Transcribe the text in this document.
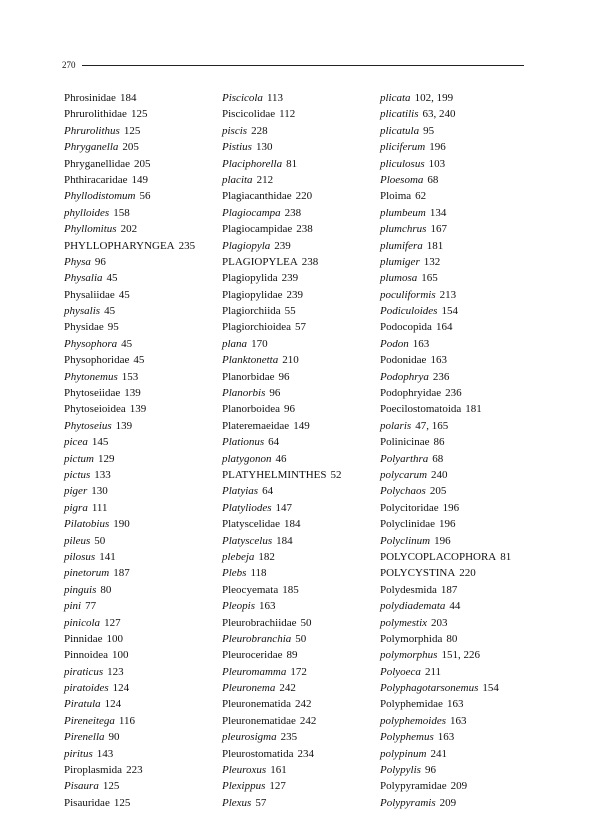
270
Phrosinidae 184
Phrurolithidae 125
Phrurolithus 125
Phryganella 205
Phryganellidae 205
Phthiracaridae 149
Phyllodistomum 56
phylloides 158
Phyllomitus 202
PHYLLOPHARYNGEA 235
Physa 96
Physalia 45
Physaliidae 45
physalis 45
Physidae 95
Physophora 45
Physophoridae 45
Phytonemus 153
Phytoseiidae 139
Phytoseioidea 139
Phytoseius 139
picea 145
pictum 129
pictus 133
piger 130
pigra 111
Pilatobius 190
pileus 50
pilosus 141
pinetorum 187
pinguis 80
pini 77
pinicola 127
Pinnidae 100
Pinnoidea 100
piraticus 123
piratoides 124
Piratula 124
Pireneitega 116
Pirenella 90
piritus 143
Piroplasmida 223
Pisaura 125
Pisauridae 125
Piscicola 113
Piscicolidae 112
piscis 228
Pistius 130
Placiphorella 81
placita 212
Plagiacanthidae 220
Plagiocampa 238
Plagiocampidae 238
Plagiopyla 239
PLAGIOPYLEA 238
Plagiopylida 239
Plagiopylidae 239
Plagiorchiida 55
Plagiorchioidea 57
plana 170
Planktonetta 210
Planorbidae 96
Planorbis 96
Planorboidea 96
Plateremaeidae 149
Plationus 64
platygonon 46
PLATYHELMINTHES 52
Platyias 64
Platyliodes 147
Platyscelidae 184
Platyscelus 184
plebeja 182
Plebs 118
Pleocyemata 185
Pleopis 163
Pleurobrachiidae 50
Pleurobranchia 50
Pleuroceridae 89
Pleuromamma 172
Pleuronema 242
Pleuronematida 242
Pleuronematidae 242
pleurosigma 235
Pleurostomatida 234
Pleuroxus 161
Plexippus 127
Plexus 57
plicata 102, 199
plicatilis 63, 240
plicatula 95
pliciferum 196
pliculosus 103
Ploesoma 68
Ploima 62
plumbeum 134
plumchrus 167
plumifera 181
plumiger 132
plumosa 165
poculiformis 213
Podiculoides 154
Podocopida 164
Podon 163
Podonidae 163
Podophrya 236
Podophryidae 236
Poecilostomatoida 181
polaris 47, 165
Polinicinae 86
Polyarthra 68
polycarum 240
Polychaos 205
Polycitoridae 196
Polyclinidae 196
Polyclinum 196
POLYCOPLACOPHORA 81
POLYCYSTINA 220
Polydesmida 187
polydiademata 44
polymestix 203
Polymorphida 80
polymorphus 151, 226
Polyoeca 211
Polyphagotarsonemus 154
Polyphemidae 163
polyphemoides 163
Polyphemus 163
polypinum 241
Polypylis 96
Polypyramidae 209
Polypyramis 209
